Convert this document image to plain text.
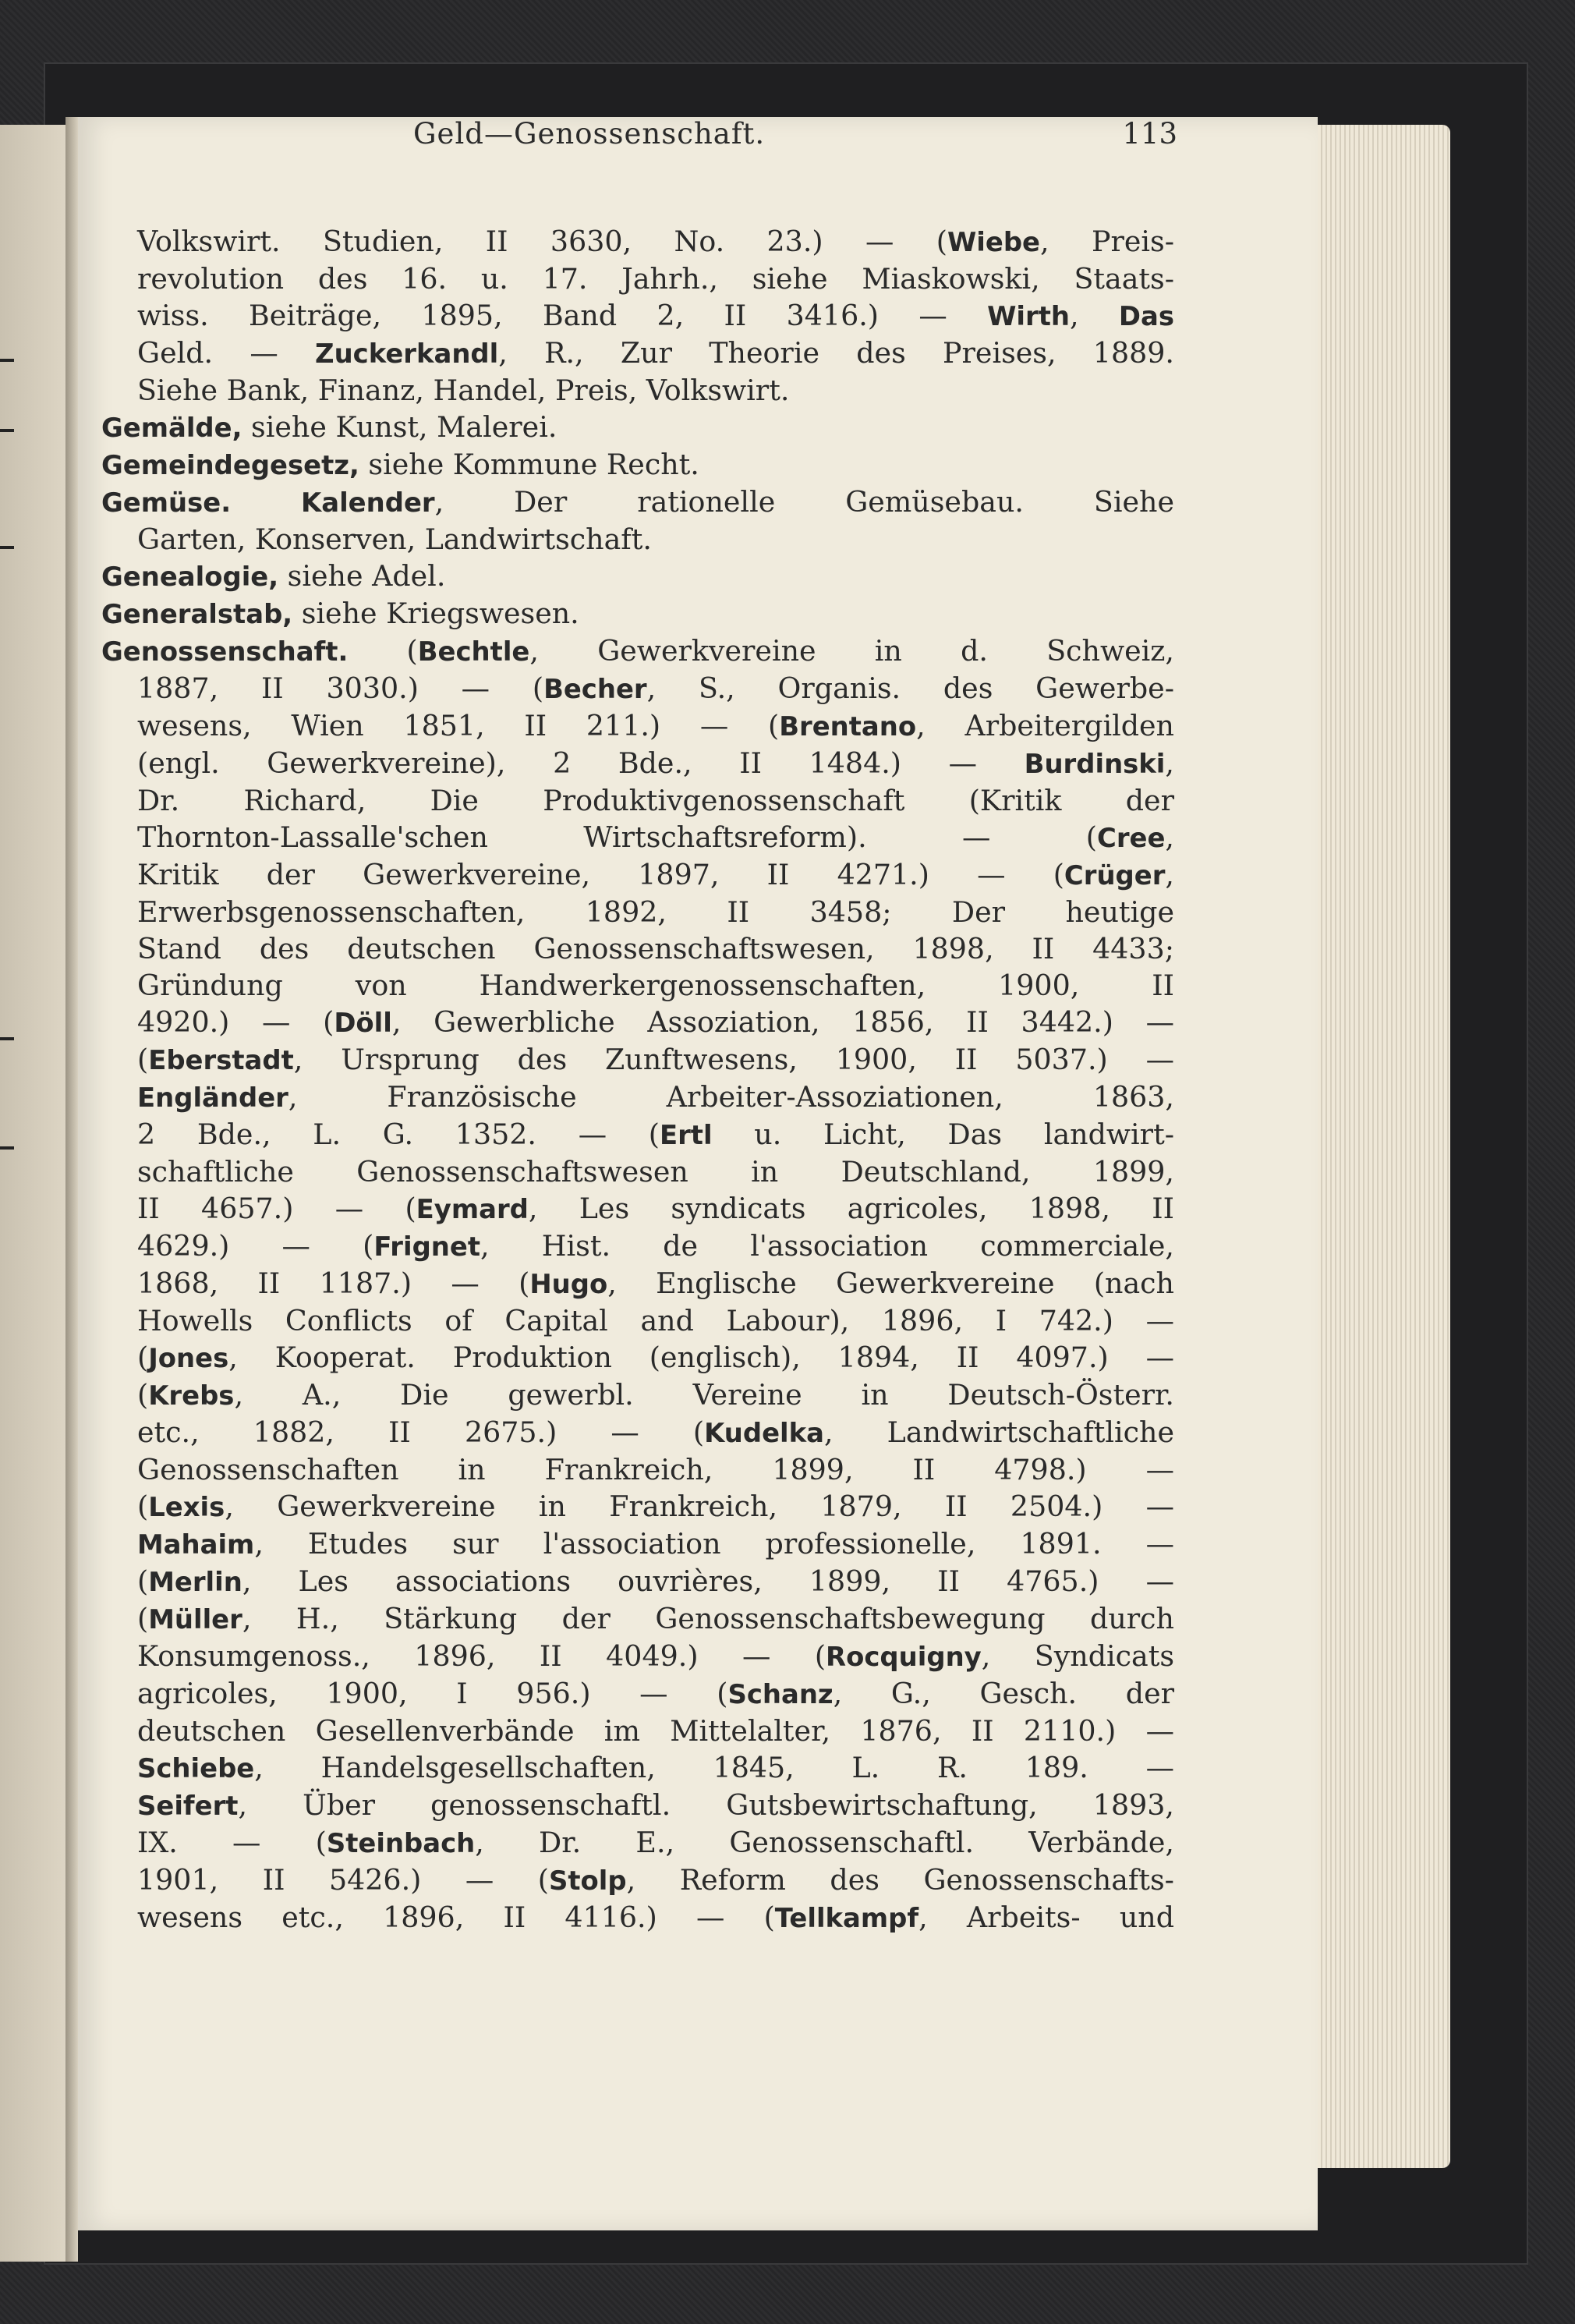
Geld—Genossenschaft.	113
Volkswirt. Studien, II 3630, No. 23.) — (Wiebe, Preis-
revolution des 16. u. 17. Jahrh., siehe Miaskowski, Staats-
wiss. Beiträge, 1895, Band 2, II 3416.) — Wirth, Das
Geld. — Zuckerkandl, R., Zur Theorie des Preises, 1889.
Siehe Bank, Finanz, Handel, Preis, Volkswirt.
Gemälde, siehe Kunst, Malerei.
Gemeindegesetz, siehe Kommune Recht.
Gemüse.	Kalender, Der rationelle Gemüsebau. Siehe
Garten, Konserven, Landwirtschaft.
Genealogie, siehe Adel.
Generalstab, siehe Kriegswesen.
Genossenschaft. (Bechtle, Gewerkvereine in d. Schweiz,
1887, II 3030.) — (Becher, S., Organis. des Gewerbe-
wesens, Wien 1851, II 211.) — (Brentano, Arbeitergilden
(engl. Gewerkvereine), 2 Bde., II 1484.) — Burdinski,
Dr. Richard, Die Produktivgenossenschaft (Kritik der
Thornton-Lassalle'schen Wirtschaftsreform). — (Cree,
Kritik der Gewerkvereine, 1897, II 4271.) — (Crüger,
Erwerbsgenossenschaften, 1892, II 3458; Der heutige
Stand des deutschen Genossenschaftswesen, 1898, II 4433;
Gründung von Handwerkergenossenschaften, 1900, II
4920.) — (Döll, Gewerbliche Assoziation, 1856, II 3442.) —
(Eberstadt, Ursprung des Zunftwesens, 1900, II 5037.) —
Engländer, Französische Arbeiter-Assoziationen, 1863,
2 Bde., L. G. 1352. — (Ertl u. Licht, Das landwirt-
schaftliche Genossenschaftswesen in Deutschland, 1899,
II 4657.) — (Eymard, Les syndicats agricoles, 1898, II
4629.) — (Frignet, Hist. de l'association commerciale,
1868, II 1187.) — (Hugo, Englische Gewerkvereine (nach
Howells Conflicts of Capital and Labour), 1896, I 742.) —
(Jones, Kooperat. Produktion (englisch), 1894, II 4097.) —
(Krebs, A., Die gewerbl. Vereine in Deutsch-Österr.
etc., 1882, II 2675.) — (Kudelka, Landwirtschaftliche
Genossenschaften in Frankreich, 1899, II 4798.) —
(Lexis, Gewerkvereine in Frankreich, 1879, II 2504.) —
Mahaim, Etudes sur l'association professionelle, 1891. —
(Merlin, Les associations ouvrières, 1899, II 4765.) —
(Müller, H., Stärkung der Genossenschaftsbewegung durch
Konsumgenoss., 1896, II 4049.) — (Rocquigny, Syndicats
agricoles, 1900, I 956.) — (Schanz, G., Gesch. der
deutschen Gesellenverbände im Mittelalter, 1876, II 2110.) —
Schiebe, Handelsgesellschaften, 1845, L. R. 189. —
Seifert, Über genossenschaftl. Gutsbewirtschaftung, 1893,
IX. — (Steinbach, Dr. E., Genossenschaftl. Verbände,
1901, II 5426.) — (Stolp, Reform des Genossenschafts-
wesens etc., 1896, II 4116.) — (Tellkampf, Arbeits- und
